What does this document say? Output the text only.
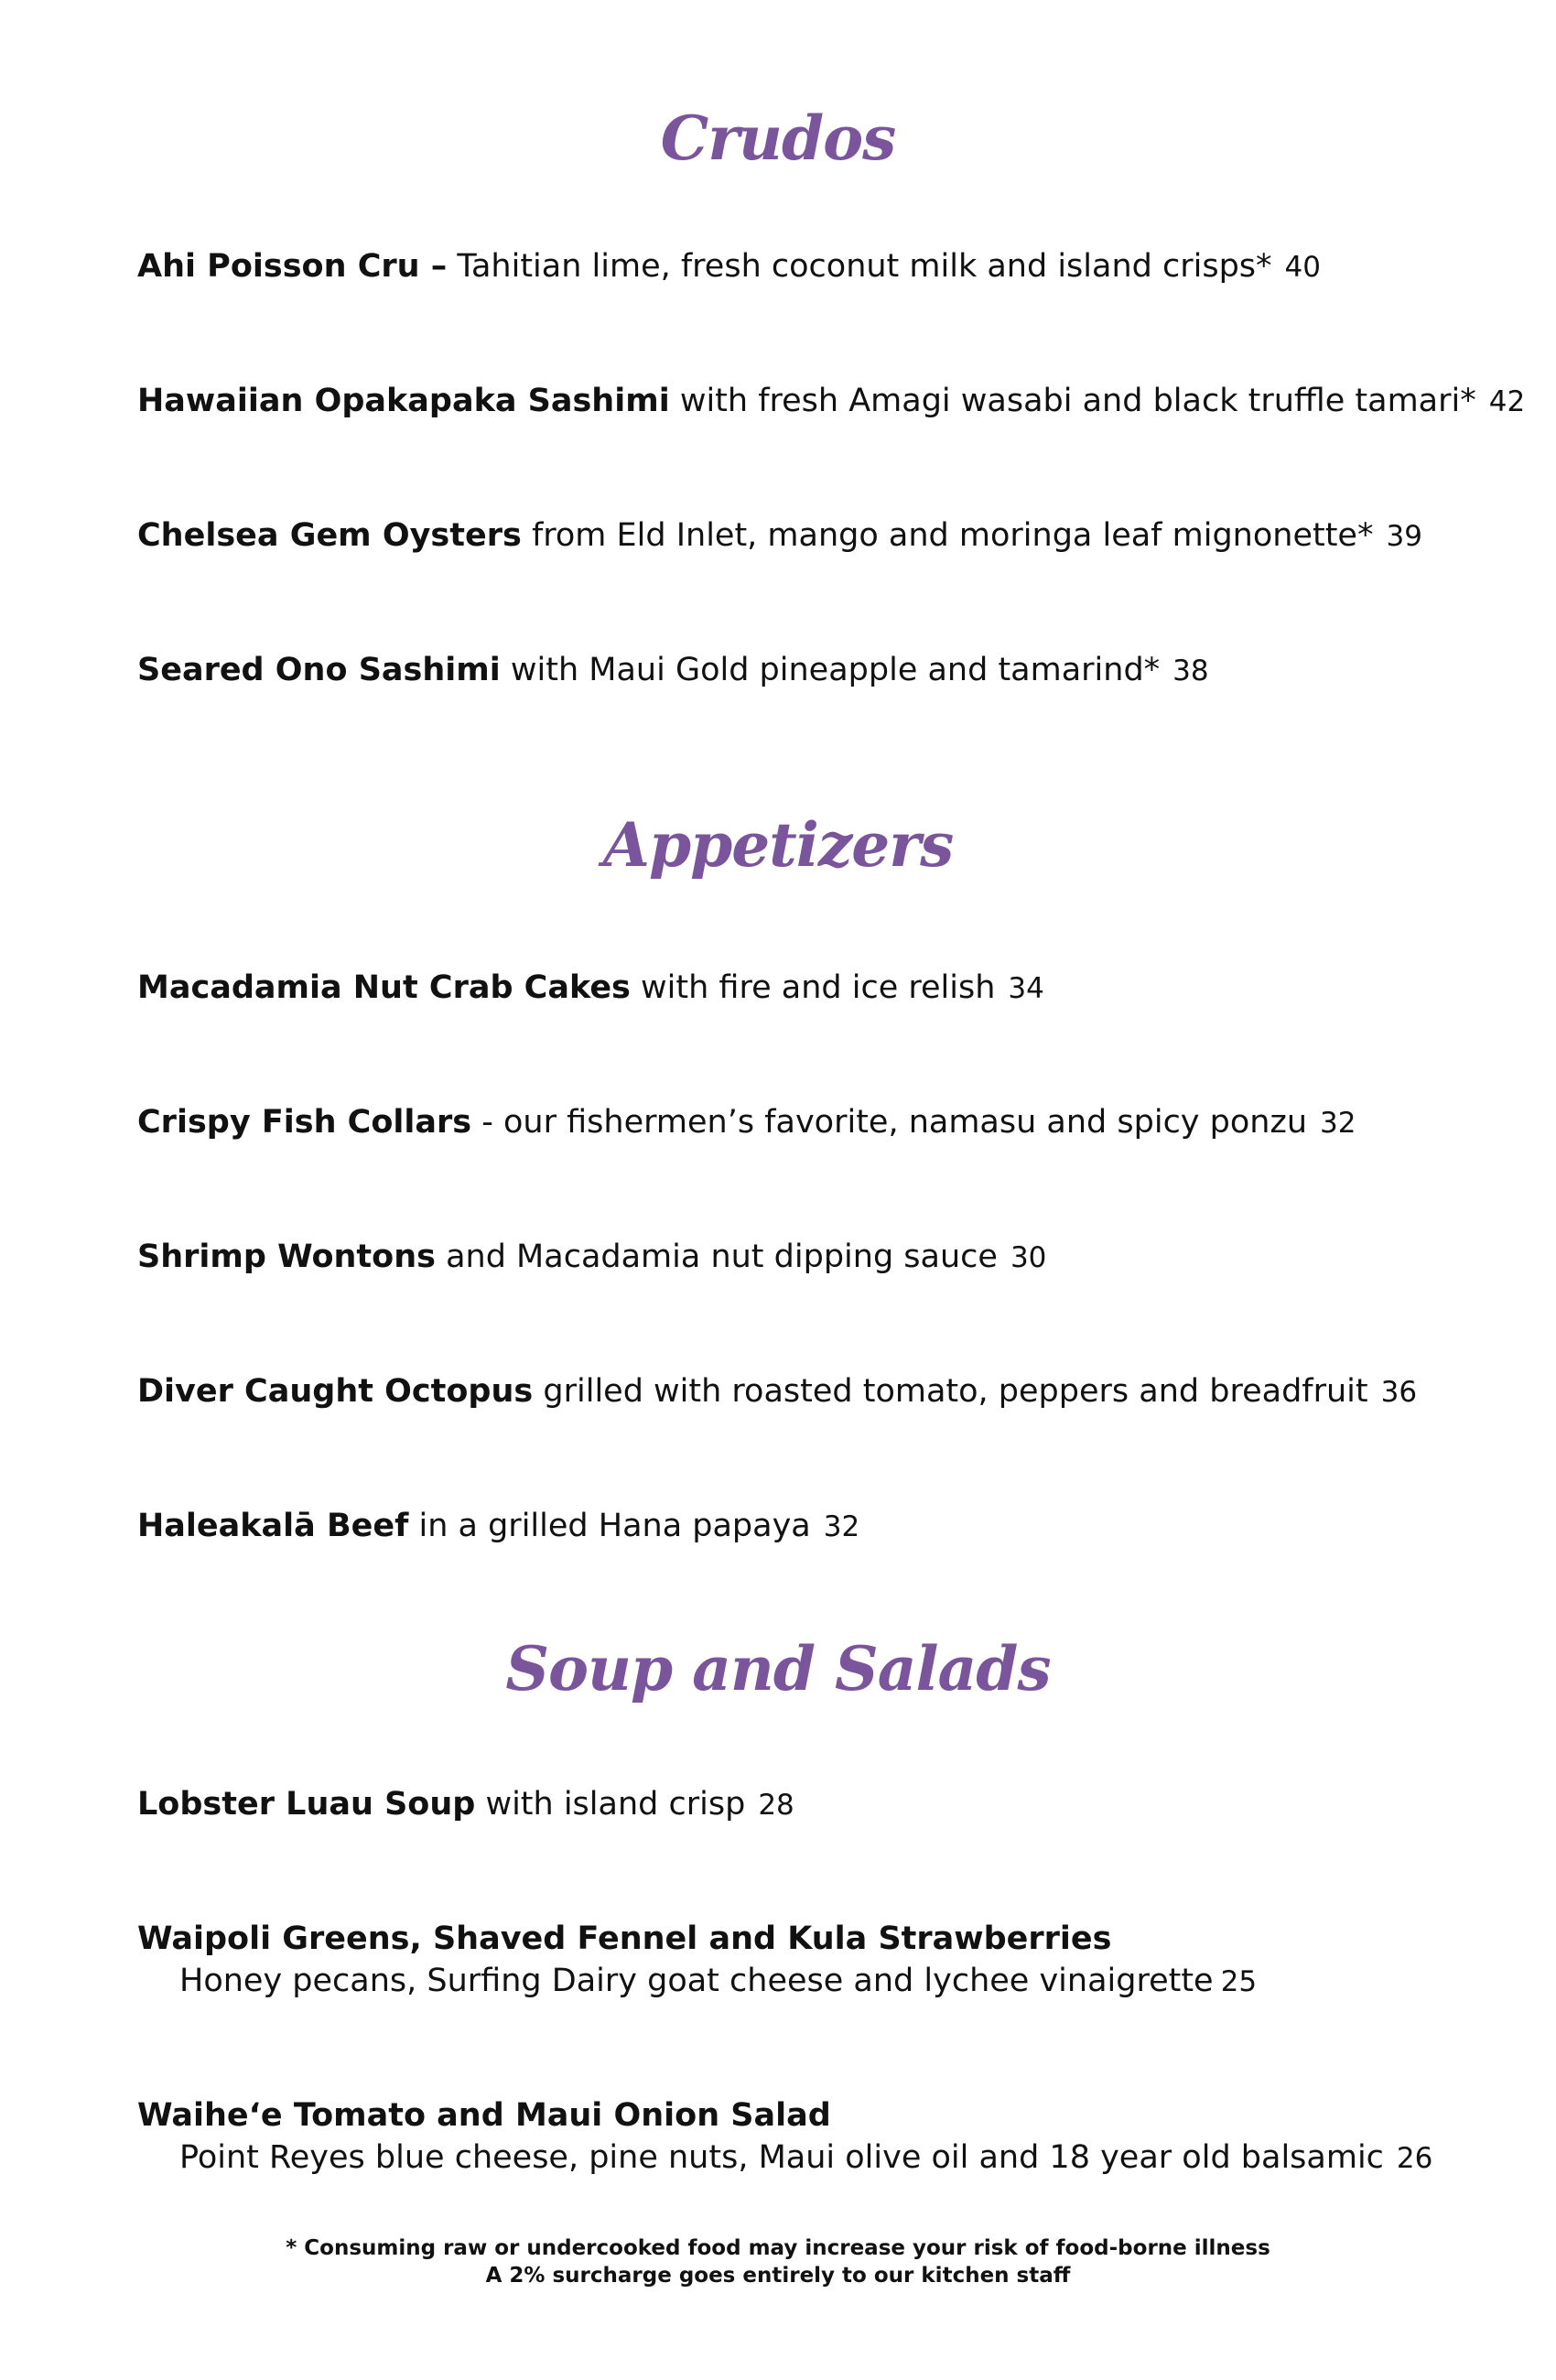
Crudos
Ahi Poisson Cru – Tahitian lime, fresh coconut milk and island crisps* 40
Hawaiian Opakapaka Sashimi with fresh Amagi wasabi and black truffle tamari* 42
Chelsea Gem Oysters from Eld Inlet, mango and moringa leaf mignonette* 39
Seared Ono Sashimi with Maui Gold pineapple and tamarind* 38
Appetizers
Macadamia Nut Crab Cakes with fire and ice relish 34
Crispy Fish Collars - our fishermen’s favorite, namasu and spicy ponzu 32
Shrimp Wontons and Macadamia nut dipping sauce 30
Diver Caught Octopus grilled with roasted tomato, peppers and breadfruit 36
Haleakalā Beef in a grilled Hana papaya 32
Soup and Salads
Lobster Luau Soup with island crisp 28
Waipoli Greens, Shaved Fennel and Kula Strawberries
Honey pecans, Surfing Dairy goat cheese and lychee vinaigrette 25
Waihe‘e Tomato and Maui Onion Salad
Point Reyes blue cheese, pine nuts, Maui olive oil and 18 year old balsamic 26
* Consuming raw or undercooked food may increase your risk of food-borne illness
A 2% surcharge goes entirely to our kitchen staff
